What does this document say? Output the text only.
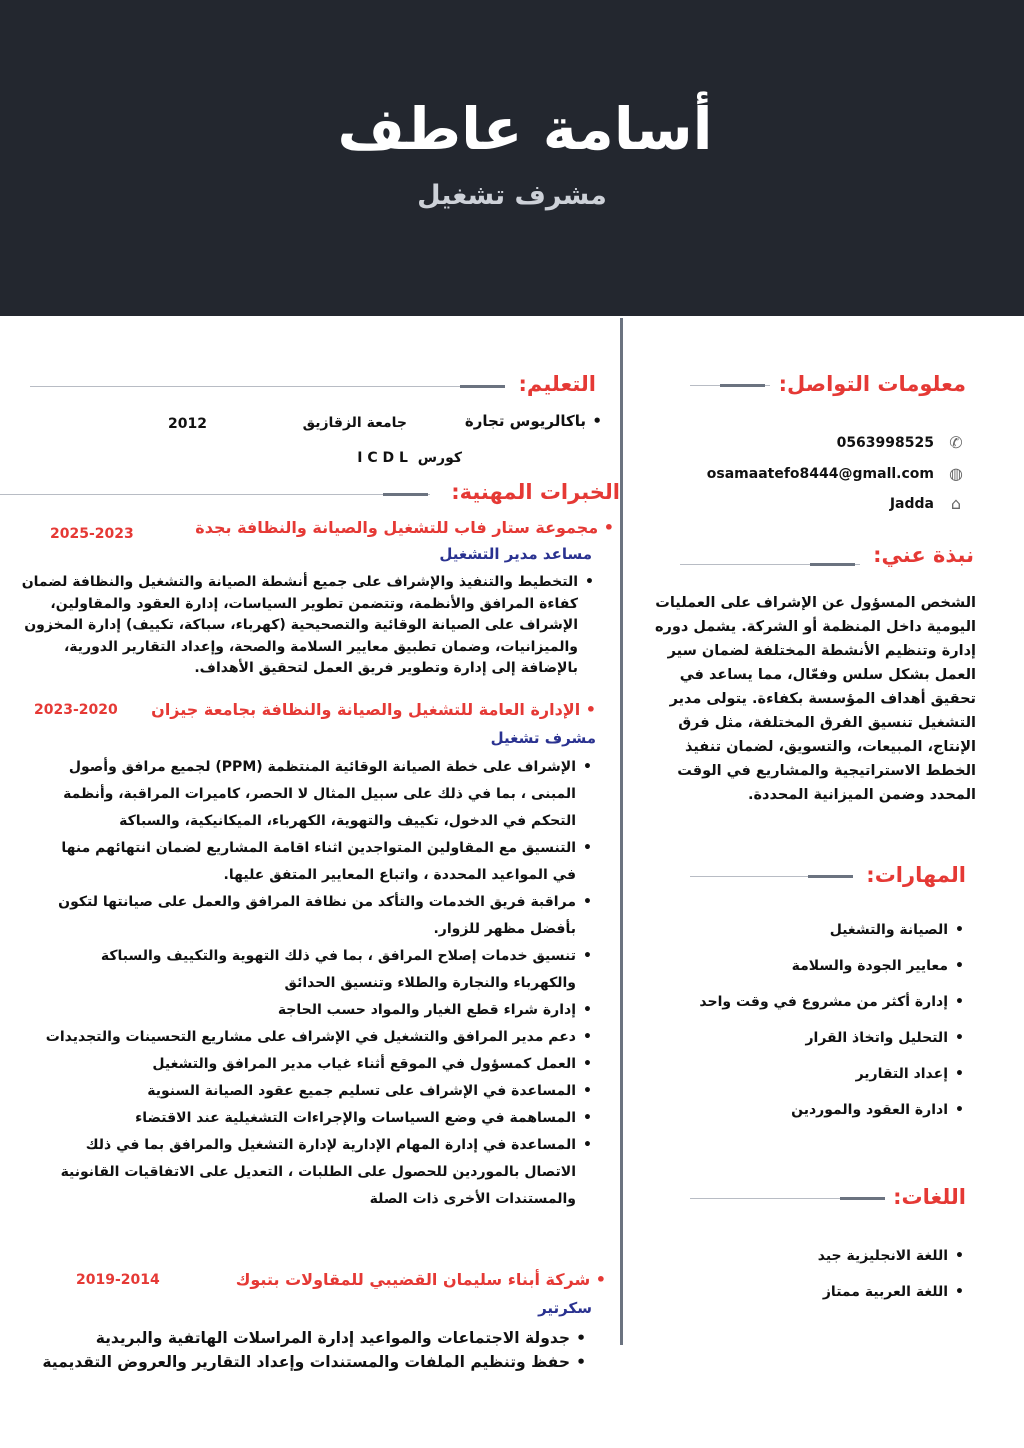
أسامة عاطف
مشرف تشغيل
معلومات التواصل:
0563998525 ✆
osamaatefo8444@gmall.com ◍
Jadda	⌂
نبذة عني:

الشخص المسؤول عن الإشراف على العمليات اليومية داخل المنظمة أو الشركة. يشمل دوره إدارة وتنظيم الأنشطة المختلفة لضمان سير العمل بشكل سلس وفعّال، مما يساعد في تحقيق أهداف المؤسسة بكفاءة. يتولى مدير التشغيل تنسيق الفرق المختلفة، مثل فرق الإنتاج، المبيعات، والتسويق، لضمان تنفيذ الخطط الاستراتيجية والمشاريع في الوقت المحدد وضمن الميزانية المحددة.

المهارات:
• الصيانة والتشغيل
• معايير الجودة والسلامة
• إدارة أكثر من مشروع في وقت واحد
• التحليل واتخاذ القرار
• إعداد التقارير
• ادارة العقود والموردين
اللغات:
• اللغة الانجليزية جيد
• اللغة العربية ممتاز
التعليم:
• باكالريوس تجارة
جامعة الزقازيق
2012
كورس  I C D L
الخبرات المهنية:
• مجموعة ستار فاب للتشغيل والصيانة والنظافة بجدة
2025-2023
مساعد مدير التشغيل
• التخطيط والتنفيذ والإشراف على جميع أنشطة الصيانة والتشغيل والنظافة لضمان كفاءة المرافق والأنظمة، وتتضمن تطوير السياسات، إدارة العقود والمقاولين، الإشراف على الصيانة الوقائية والتصحيحية (كهرباء، سباكة، تكييف) إدارة المخزون والميزانيات، وضمان تطبيق معايير السلامة والصحة، وإعداد التقارير الدورية، بالإضافة إلى إدارة وتطوير فريق العمل لتحقيق الأهداف.
• الإدارة العامة للتشغيل والصيانة والنظافة بجامعة جيزان
2023-2020
مشرف تشغيل
• الإشراف على خطة الصيانة الوقائية المنتظمة (PPM) لجميع مرافق وأصول المبنى ، بما في ذلك على سبيل المثال لا الحصر، كاميرات المراقبة، وأنظمة التحكم في الدخول، تكييف والتهوية، الكهرباء، الميكانيكية، والسباكة
• التنسيق مع المقاولين المتواجدين اثناء اقامة المشاريع لضمان انتهائهم منها في المواعيد المحددة ، واتباع المعايير المتفق عليها.
• مراقبة فريق الخدمات والتأكد من نظافة المرافق والعمل على صيانتها لتكون بأفضل مظهر للزوار.
• تنسيق خدمات إصلاح المرافق ، بما في ذلك التهوية والتكييف والسباكة والكهرباء والنجارة والطلاء وتنسيق الحدائق
• إدارة شراء قطع الغيار والمواد حسب الحاجة
• دعم مدير المرافق والتشغيل في الإشراف على مشاريع التحسينات والتجديدات
• العمل كمسؤول في الموقع أثناء غياب مدير المرافق والتشغيل
• المساعدة في الإشراف على تسليم جميع عقود الصيانة السنوية
• المساهمة في وضع السياسات والإجراءات التشغيلية عند الاقتضاء
• المساعدة في إدارة المهام الإدارية لإدارة التشغيل والمرافق بما في ذلك الاتصال بالموردين للحصول على الطلبات ، التعديل على الاتفاقيات القانونية والمستندات الأخرى ذات الصلة
• شركة أبناء سليمان القضيبي للمقاولات بتبوك
2019-2014
سكرتير
• جدولة الاجتماعات والمواعيد إدارة المراسلات الهاتفية والبريدية
• حفظ وتنظيم الملفات والمستندات وإعداد التقارير والعروض التقديمية
